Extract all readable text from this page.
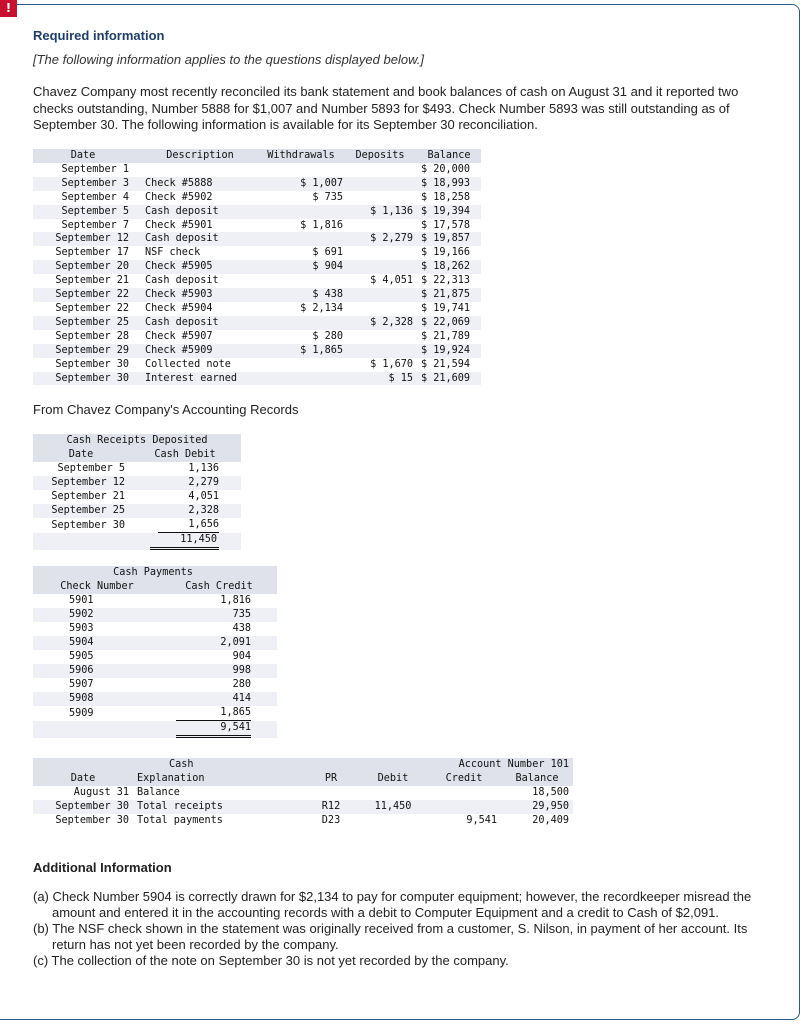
!
Required information
[The following information applies to the questions displayed below.]
Chavez Company most recently reconciled its bank statement and book balances of cash on August 31 and it reported two checks outstanding, Number 5888 for $1,007 and Number 5893 for $493. Check Number 5893 was still outstanding as of September 30. The following information is available for its September 30 reconciliation.
Date	Description	Withdrawals	Deposits	Balance
September 1				$ 20,000
September 3	Check #5888	$ 1,007		$ 18,993
September 4	Check #5902	$ 735		$ 18,258
September 5	Cash deposit		$ 1,136	$ 19,394
September 7	Check #5901	$ 1,816		$ 17,578
September 12	Cash deposit		$ 2,279	$ 19,857
September 17	NSF check	$ 691		$ 19,166
September 20	Check #5905	$ 904		$ 18,262
September 21	Cash deposit		$ 4,051	$ 22,313
September 22	Check #5903	$ 438		$ 21,875
September 22	Check #5904	$ 2,134		$ 19,741
September 25	Cash deposit		$ 2,328	$ 22,069
September 28	Check #5907	$ 280		$ 21,789
September 29	Check #5909	$ 1,865		$ 19,924
September 30	Collected note		$ 1,670	$ 21,594
September 30	Interest earned		$ 15	$ 21,609
From Chavez Company's Accounting Records
Cash Receipts Deposited	
Date	Cash Debit
September 5	1,136
September 12	2,279
September 21	4,051
September 25	2,328
September 30	1,656
	11,450
Cash Payments	
Check Number	Cash Credit
5901	1,816
5902	735
5903	438
5904	2,091
5905	904
5906	998
5907	280
5908	414
5909	1,865
	9,541
	Cash			Account Number 101	
Date	Explanation	PR	Debit	Credit	Balance
August 31	Balance				18,500
September 30	Total receipts	R12	11,450		29,950
September 30	Total payments	D23		9,541	20,409
Additional Information

(a) Check Number 5904 is correctly drawn for $2,134 to pay for computer equipment; however, the recordkeeper misread the amount and entered it in the accounting records with a debit to Computer Equipment and a credit to Cash of $2,091.

(b) The NSF check shown in the statement was originally received from a customer, S. Nilson, in payment of her account. Its return has not yet been recorded by the company.

(c) The collection of the note on September 30 is not yet recorded by the company.
